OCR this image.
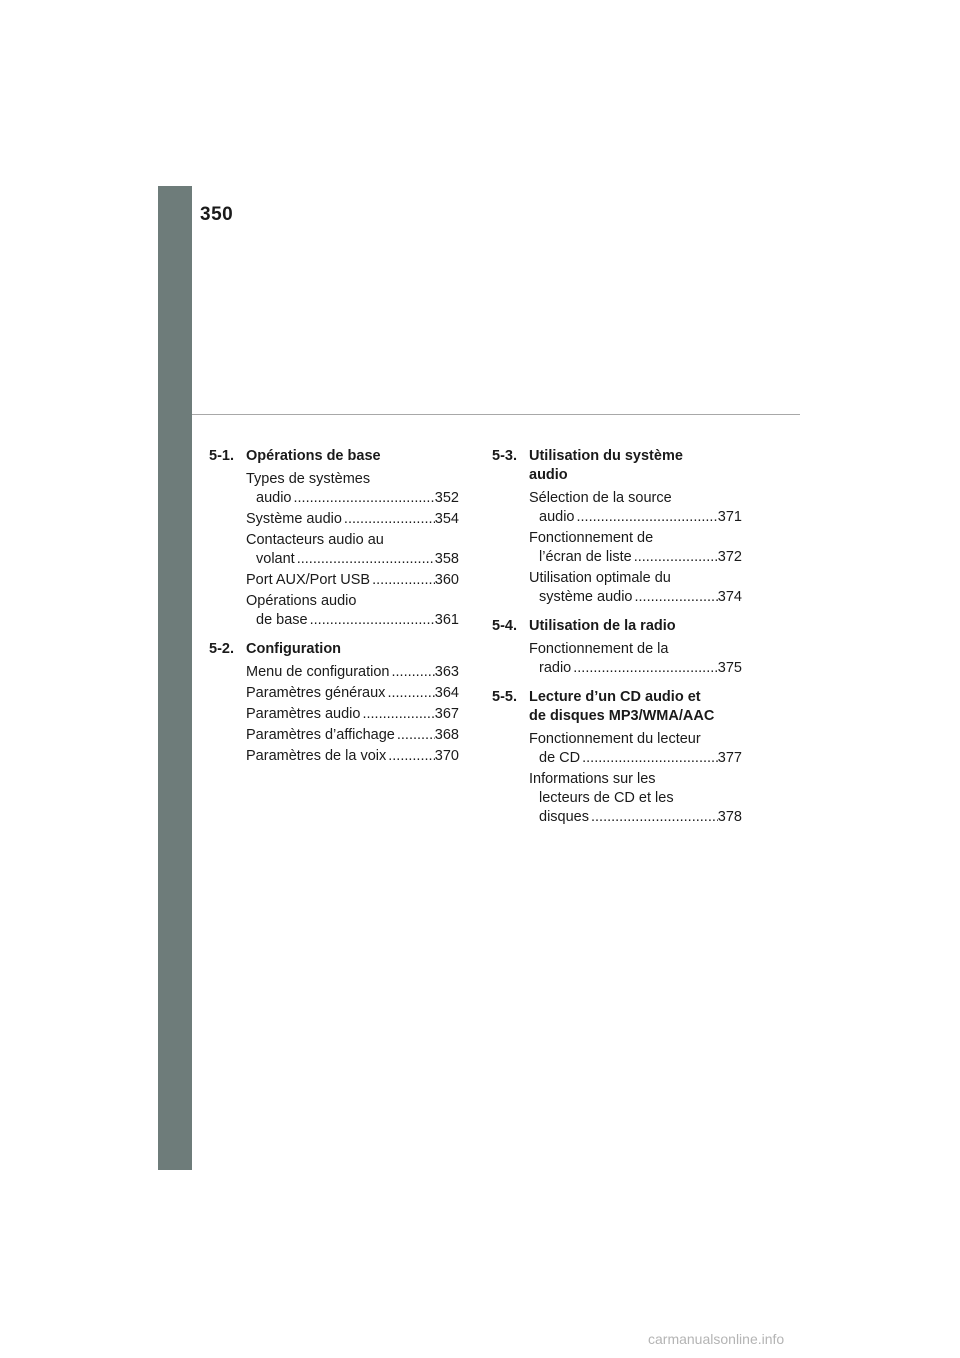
350
5-1. Opérations de base
Types de systèmes
audio .....	352
Système audio .....	354
Contacteurs audio au
volant .....	358
Port AUX/Port USB .....	360
Opérations audio
de base .....	361
5-2. Configuration
Menu de configuration .....	363
Paramètres généraux .....	364
Paramètres audio .....	367
Paramètres d’affichage .....	368
Paramètres de la voix .....	370
5-3. Utilisation du système
audio
Sélection de la source
audio .....	371
Fonctionnement de
l’écran de liste .....	372
Utilisation optimale du
système audio .....	374
5-4. Utilisation de la radio
Fonctionnement de la
radio .....	375
5-5. Lecture d’un CD audio et
de disques MP3/WMA/AAC
Fonctionnement du lecteur
de CD .....	377
Informations sur les
lecteurs de CD et les
disques .....	378
carmanualsonline.info
